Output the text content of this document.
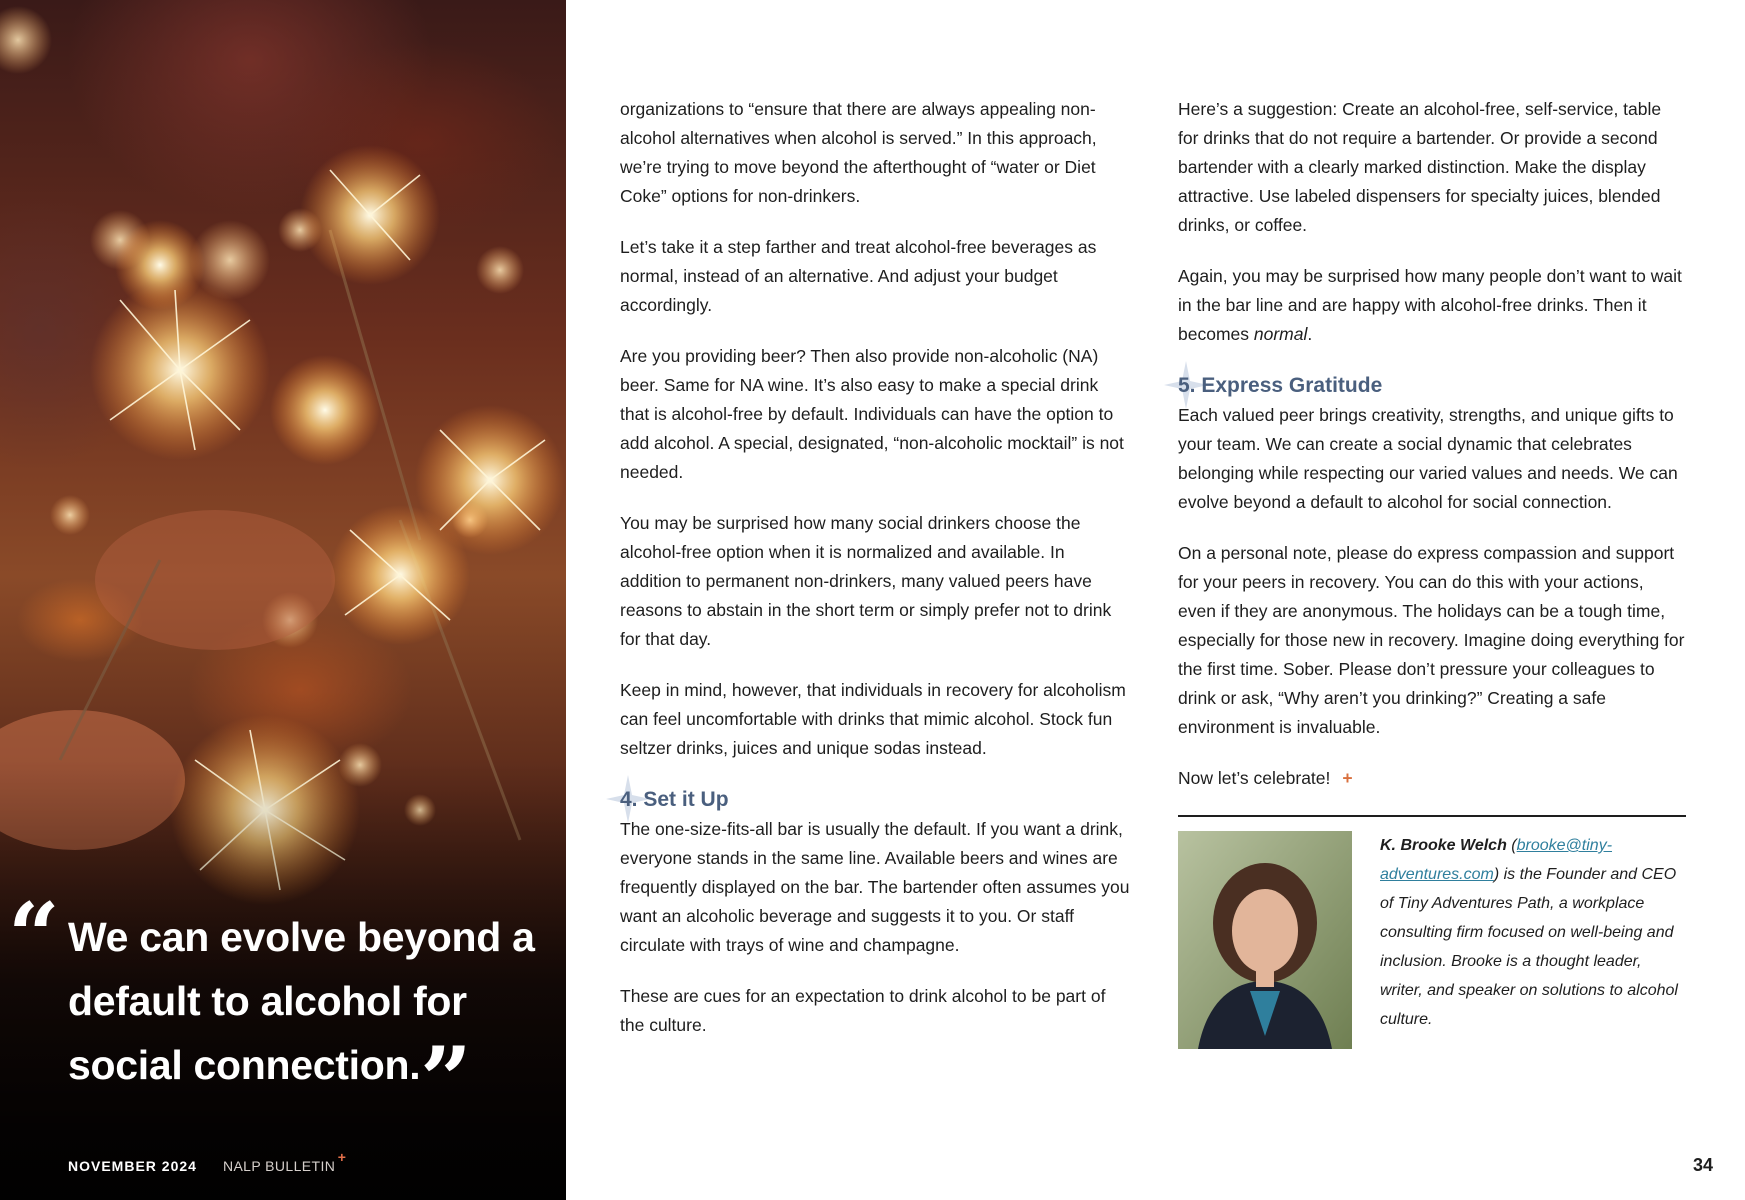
“ We can evolve beyond a default to alcohol for social connection. ”
NOVEMBER 2024 NALP BULLETIN
+

organizations to “ensure that there are always appealing non-alcohol alternatives when alcohol is served.” In this approach, we’re trying to move beyond the afterthought of “water or Diet Coke” options for non-drinkers.

Let’s take it a step farther and treat alcohol-free beverages as normal, instead of an alternative. And adjust your budget accordingly.

Are you providing beer? Then also provide non-alcoholic (NA) beer. Same for NA wine. It’s also easy to make a special drink that is alcohol-free by default. Individuals can have the option to add alcohol. A special, designated, “non-alcoholic mocktail” is not needed.

You may be surprised how many social drinkers choose the alcohol-free option when it is normalized and available. In addition to permanent non-drinkers, many valued peers have reasons to abstain in the short term or simply prefer not to drink for that day.

Keep in mind, however, that individuals in recovery for alcoholism can feel uncomfortable with drinks that mimic alcohol. Stock fun seltzer drinks, juices and unique sodas instead.

4. Set it Up

The one-size-fits-all bar is usually the default. If you want a drink, everyone stands in the same line. Available beers and wines are frequently displayed on the bar. The bartender often assumes you want an alcoholic beverage and suggests it to you. Or staff circulate with trays of wine and champagne.

These are cues for an expectation to drink alcohol to be part of the culture.

Here’s a suggestion: Create an alcohol-free, self-service, table for drinks that do not require a bartender. Or provide a second bartender with a clearly marked distinction. Make the display attractive. Use labeled dispensers for specialty juices, blended drinks, or coffee.

Again, you may be surprised how many people don’t want to wait in the bar line and are happy with alcohol-free drinks. Then it becomes normal.

5. Express Gratitude

Each valued peer brings creativity, strengths, and unique gifts to your team. We can create a social dynamic that celebrates belonging while respecting our varied values and needs. We can evolve beyond a default to alcohol for social connection.

On a personal note, please do express compassion and support for your peers in recovery. You can do this with your actions, even if they are anonymous. The holidays can be a tough time, especially for those new in recovery. Imagine doing everything for the first time. Sober. Please don’t pressure your colleagues to drink or ask, “Why aren’t you drinking?” Creating a safe environment is invaluable.

Now let’s celebrate! +

K. Brooke Welch (brooke@tiny-adventures.com) is the Founder and CEO of Tiny Adventures Path, a workplace consulting firm focused on well-being and inclusion. Brooke is a thought leader, writer, and speaker on solutions to alcohol culture.
34
